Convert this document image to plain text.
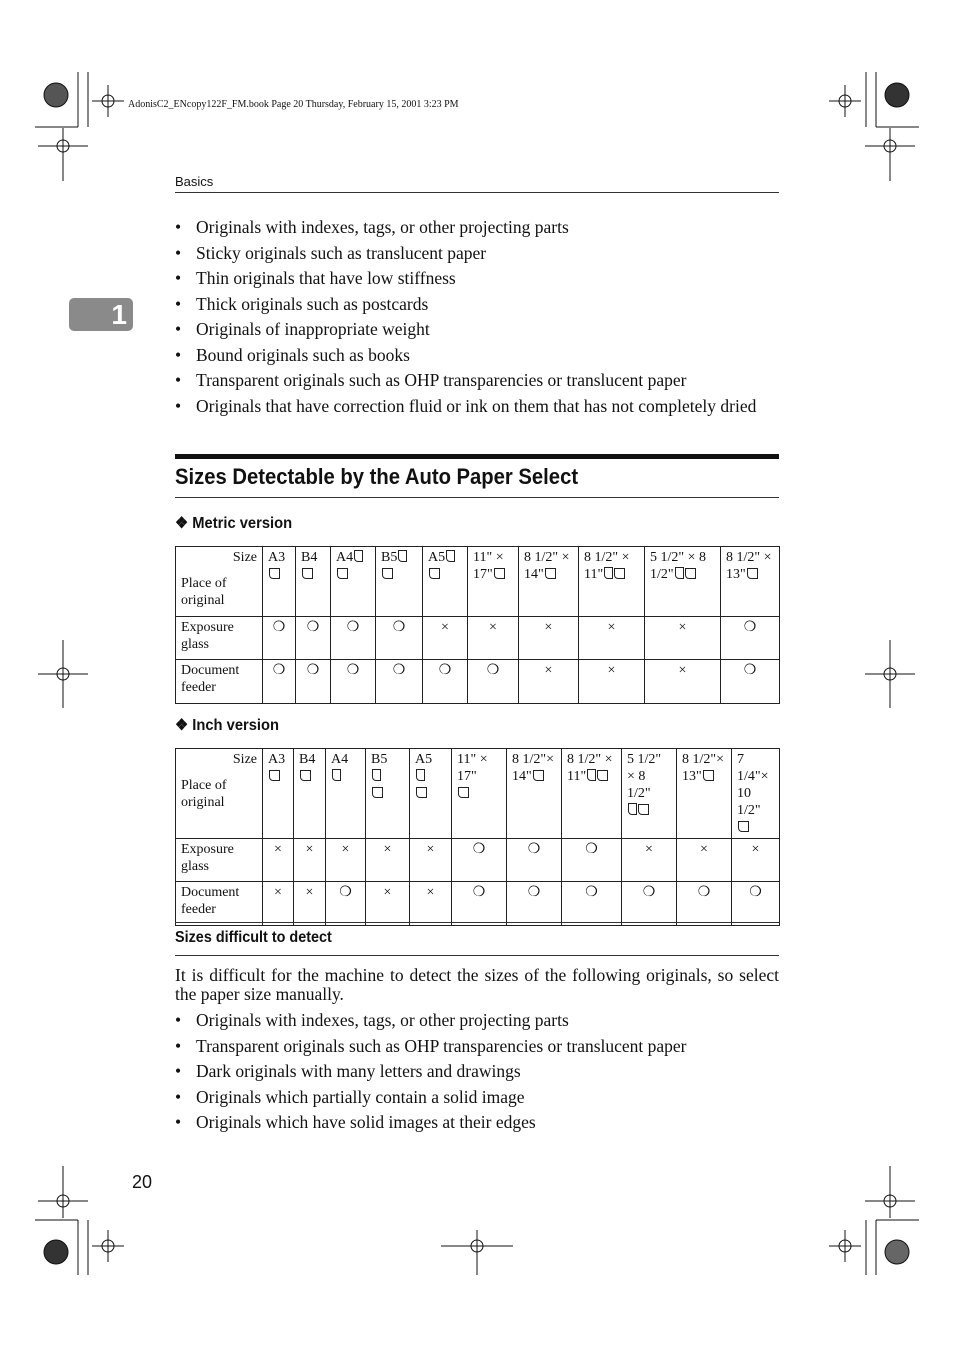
AdonisC2_ENcopy122F_FM.book Page 20 Thursday, February 15, 2001 3:23 PM
Basics
1
• Originals with indexes, tags, or other projecting parts
• Sticky originals such as translucent paper
• Thin originals that have low stiffness
• Thick originals such as postcards
• Originals of inappropriate weight
• Bound originals such as books
• Transparent originals such as OHP transparencies or translucent paper
• Originals that have correction fluid or ink on them that has not completely dried
Sizes Detectable by the Auto Paper Select
❖ Metric version
Size
Place of original	A3	B4	A4	B5	A5	11" × 17"	8 1/2" × 14"	8 1/2" × 11"	5 1/2" × 8 1/2"	8 1/2" × 13"
Exposure glass	❍	❍	❍	❍	×	×	×	×	×	❍
Document feeder	❍	❍	❍	❍	❍	❍	×	×	×	❍
❖ Inch version
Size
Place of original	A3	B4	A4	B5	A5	11" × 17"	8 1/2"× 14"	8 1/2" × 11"	5 1/2" × 8 1/2"	8 1/2"× 13"	7 1/4"× 10 1/2"

Exposure glass	×	×	×	×	×	❍	❍	❍	×	×	×
Document feeder	×	×	❍	×	×	❍	❍	❍	❍	❍	❍
Sizes difficult to detect
It is difficult for the machine to detect the sizes of the following originals, so select the paper size manually.
• Originals with indexes, tags, or other projecting parts
• Transparent originals such as OHP transparencies or translucent paper
• Dark originals with many letters and drawings
• Originals which partially contain a solid image
• Originals which have solid images at their edges
20
